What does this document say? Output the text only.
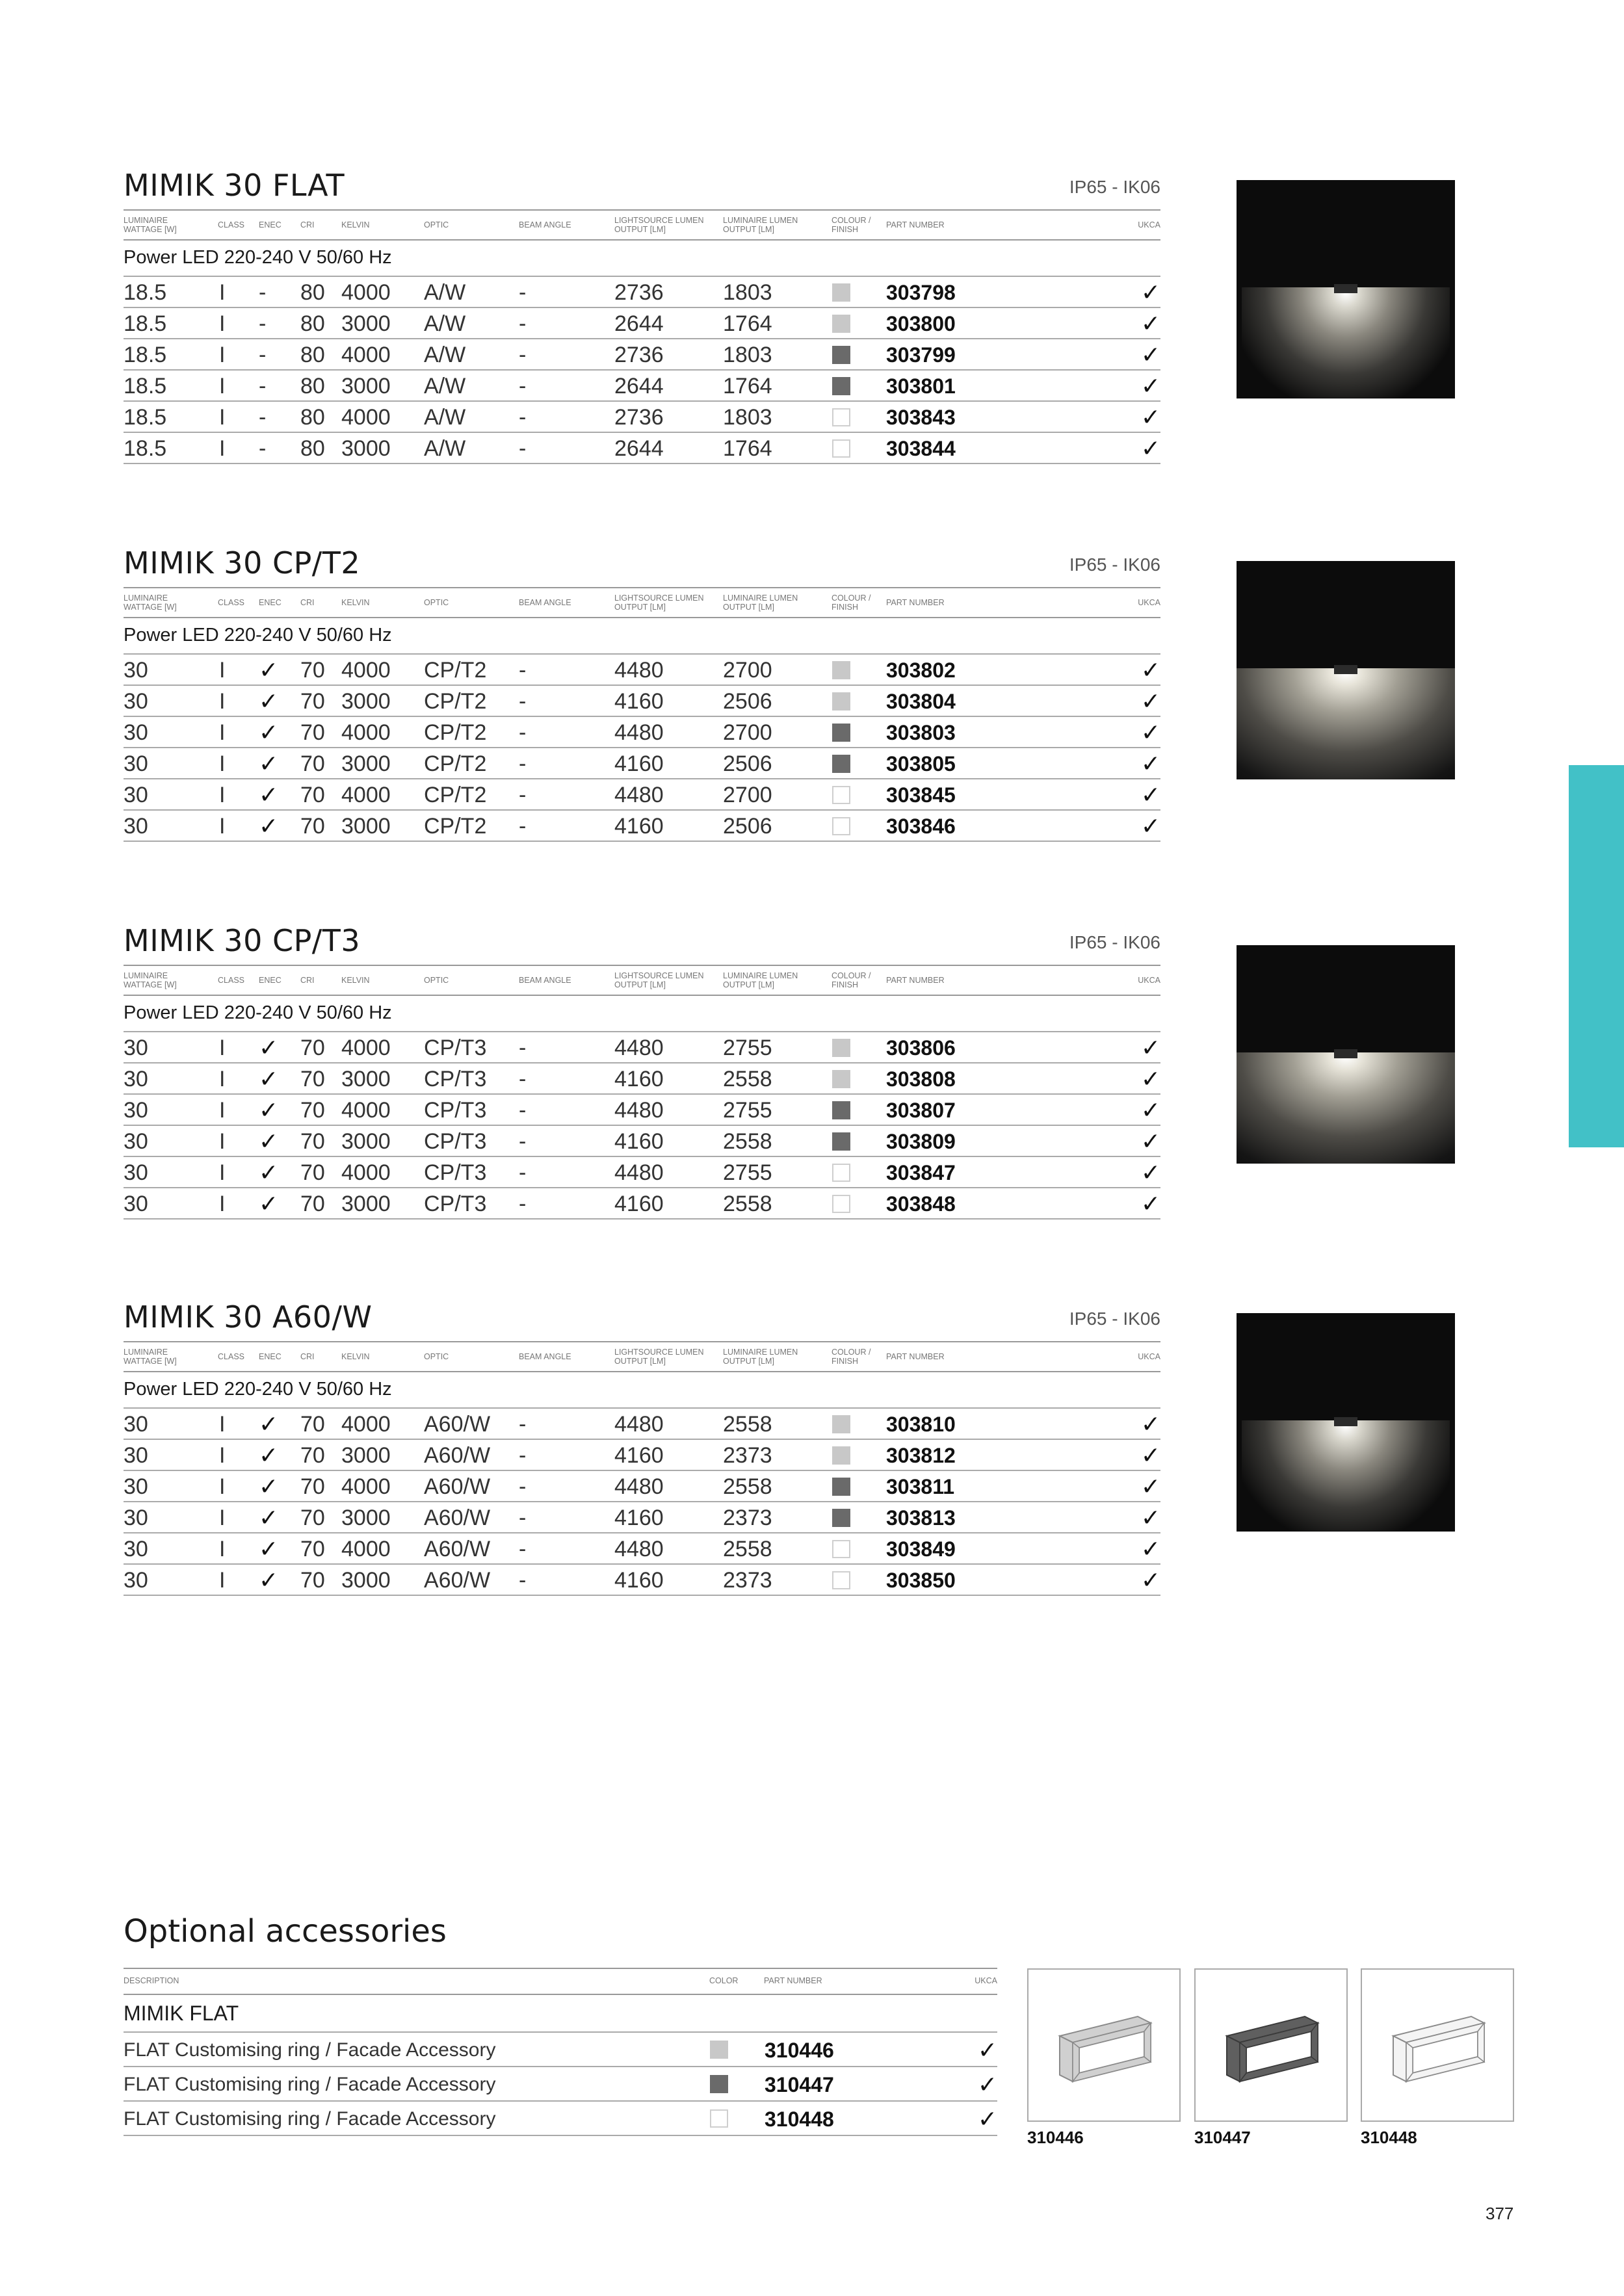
MIMIK 30 FLAT	IP65 - IK06
LUMINAIRE
WATTAGE [W]	CLASS ENEC CRI	KELVIN	OPTIC	BEAM ANGLE	LIGHTSOURCE LUMEN
OUTPUT [LM]
LUMINAIRE LUMEN
OUTPUT [LM]
COLOUR /
FINISH	PART NUMBER	UKCA
Power LED 220-240 V 50/60 Hz
18.5 I - 80 4000 A/W -	2736	1803	303798	✓
18.5 I - 80 3000 A/W -	2644	1764	303800	✓
18.5 I - 80 4000 A/W -	2736	1803	303799	✓
18.5 I - 80 3000 A/W -	2644	1764	303801	✓
18.5 I - 80 4000 A/W -	2736	1803	303843	✓
18.5 I - 80 3000 A/W -	2644	1764	303844	✓
MIMIK 30 CP/T2	IP65 - IK06
LUMINAIRE
WATTAGE [W]	CLASS ENEC CRI	KELVIN	OPTIC	BEAM ANGLE	LIGHTSOURCE LUMEN
OUTPUT [LM]
LUMINAIRE LUMEN
OUTPUT [LM]
COLOUR /
FINISH	PART NUMBER	UKCA
Power LED 220-240 V 50/60 Hz
30	I ✓ 70 4000 CP/T2 -	4480	2700	303802	✓
30	I ✓ 70 3000 CP/T2 -	4160	2506	303804	✓
30	I ✓ 70 4000 CP/T2 -	4480	2700	303803	✓
30	I ✓ 70 3000 CP/T2 -	4160	2506	303805	✓
30	I ✓ 70 4000 CP/T2 -	4480	2700	303845	✓
30	I ✓ 70 3000 CP/T2 -	4160	2506	303846	✓
MIMIK 30 CP/T3	IP65 - IK06
LUMINAIRE
WATTAGE [W]	CLASS ENEC CRI	KELVIN	OPTIC	BEAM ANGLE	LIGHTSOURCE LUMEN
OUTPUT [LM]
LUMINAIRE LUMEN
OUTPUT [LM]
COLOUR /
FINISH	PART NUMBER	UKCA
Power LED 220-240 V 50/60 Hz
30	I ✓ 70 4000 CP/T3 -	4480	2755	303806	✓
30	I ✓ 70 3000 CP/T3 -	4160	2558	303808	✓
30	I ✓ 70 4000 CP/T3 -	4480	2755	303807	✓
30	I ✓ 70 3000 CP/T3 -	4160	2558	303809	✓
30	I ✓ 70 4000 CP/T3 -	4480	2755	303847	✓
30	I ✓ 70 3000 CP/T3 -	4160	2558	303848	✓
MIMIK 30 A60/W	IP65 - IK06
LUMINAIRE
WATTAGE [W]	CLASS ENEC CRI	KELVIN	OPTIC	BEAM ANGLE	LIGHTSOURCE LUMEN
OUTPUT [LM]
LUMINAIRE LUMEN
OUTPUT [LM]
COLOUR /
FINISH	PART NUMBER	UKCA
Power LED 220-240 V 50/60 Hz
30	I ✓ 70 4000 A60/W -	4480	2558	303810	✓
30	I ✓ 70 3000 A60/W -	4160	2373	303812	✓
30	I ✓ 70 4000 A60/W -	4480	2558	303811	✓
30	I ✓ 70 3000 A60/W -	4160	2373	303813	✓
30	I ✓ 70 4000 A60/W -	4480	2558	303849	✓
30	I ✓ 70 3000 A60/W -	4160	2373	303850	✓
Optional accessories
DESCRIPTION	COLOR	PART NUMBER	UKCA
MIMIK FLAT
FLAT Customising ring / Facade Accessory	310446	✓
FLAT Customising ring / Facade Accessory	310447	✓
FLAT Customising ring / Facade Accessory	310448	✓
310446	310447	310448
377
